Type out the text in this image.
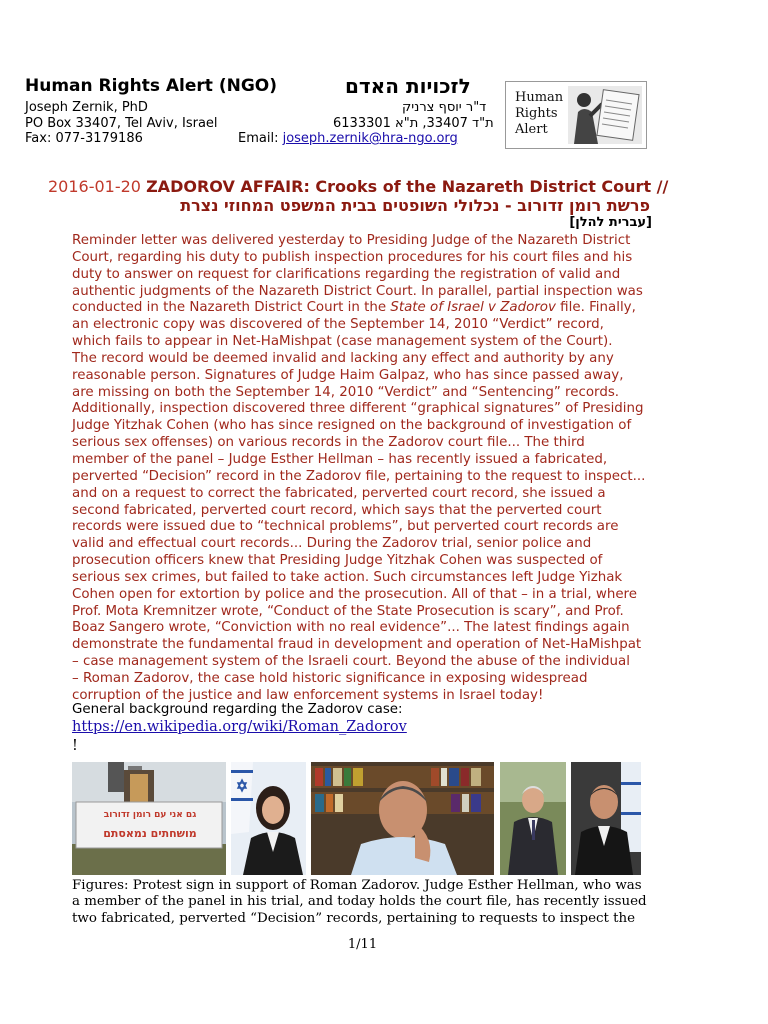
Human Rights Alert (NGO)	לזכויות האדם
Joseph Zernik, PhD	ד"ר יוסף צרניק
PO Box 33407, Tel Aviv, Israel	ת"ד 33407, ת"א 6133301
Fax: 077-3179186	Email: joseph.zernik@hra-ngo.org
Human
Rights
Alert
2016-01-20 ZADOROV AFFAIR: Crooks of the Nazareth District Court //
פרשת רומן זדורוב - נכלולי השופטים בבית המשפט המחוזי נצרת
[עברית להלן]
Reminder letter was delivered yesterday to Presiding Judge of the Nazareth District
Court, regarding his duty to publish inspection procedures for his court files and his
duty to answer on request for clarifications regarding the registration of valid and
authentic judgments of the Nazareth District Court. In parallel, partial inspection was
conducted in the Nazareth District Court in the State of Israel v Zadorov file. Finally,
an electronic copy was discovered of the September 14, 2010 “Verdict” record,
which fails to appear in Net-HaMishpat (case management system of the Court).
The record would be deemed invalid and lacking any effect and authority by any
reasonable person. Signatures of Judge Haim Galpaz, who has since passed away,
are missing on both the September 14, 2010 “Verdict” and “Sentencing” records.
Additionally, inspection discovered three different “graphical signatures” of Presiding
Judge Yitzhak Cohen (who has since resigned on the background of investigation of
serious sex offenses) on various records in the Zadorov court file... The third
member of the panel – Judge Esther Hellman – has recently issued a fabricated,
perverted “Decision” record in the Zadorov file, pertaining to the request to inspect...
and on a request to correct the fabricated, perverted court record, she issued a
second fabricated, perverted court record, which says that the perverted court
records were issued due to “technical problems”, but perverted court records are
valid and effectual court records... During the Zadorov trial, senior police and
prosecution officers knew that Presiding Judge Yitzhak Cohen was suspected of
serious sex crimes, but failed to take action. Such circumstances left Judge Yizhak
Cohen open for extortion by police and the prosecution. All of that – in a trial, where
Prof. Mota Kremnitzer wrote, “Conduct of the State Prosecution is scary”, and Prof.
Boaz Sangero wrote, “Conviction with no real evidence”... The latest findings again
demonstrate the fundamental fraud in development and operation of Net-HaMishpat
– case management system of the Israeli court. Beyond the abuse of the individual
– Roman Zadorov, the case hold historic significance in exposing widespread
corruption of the justice and law enforcement systems in Israel today!
General background regarding the Zadorov case:
https://en.wikipedia.org/wiki/Roman_Zadorov
!
גם אני עם רומן זדורוב
מושחתים נמאסתם
Figures: Protest sign in support of Roman Zadorov. Judge Esther Hellman, who was
a member of the panel in his trial, and today holds the court file, has recently issued
two fabricated, perverted “Decision” records, pertaining to requests to inspect the
1/11
